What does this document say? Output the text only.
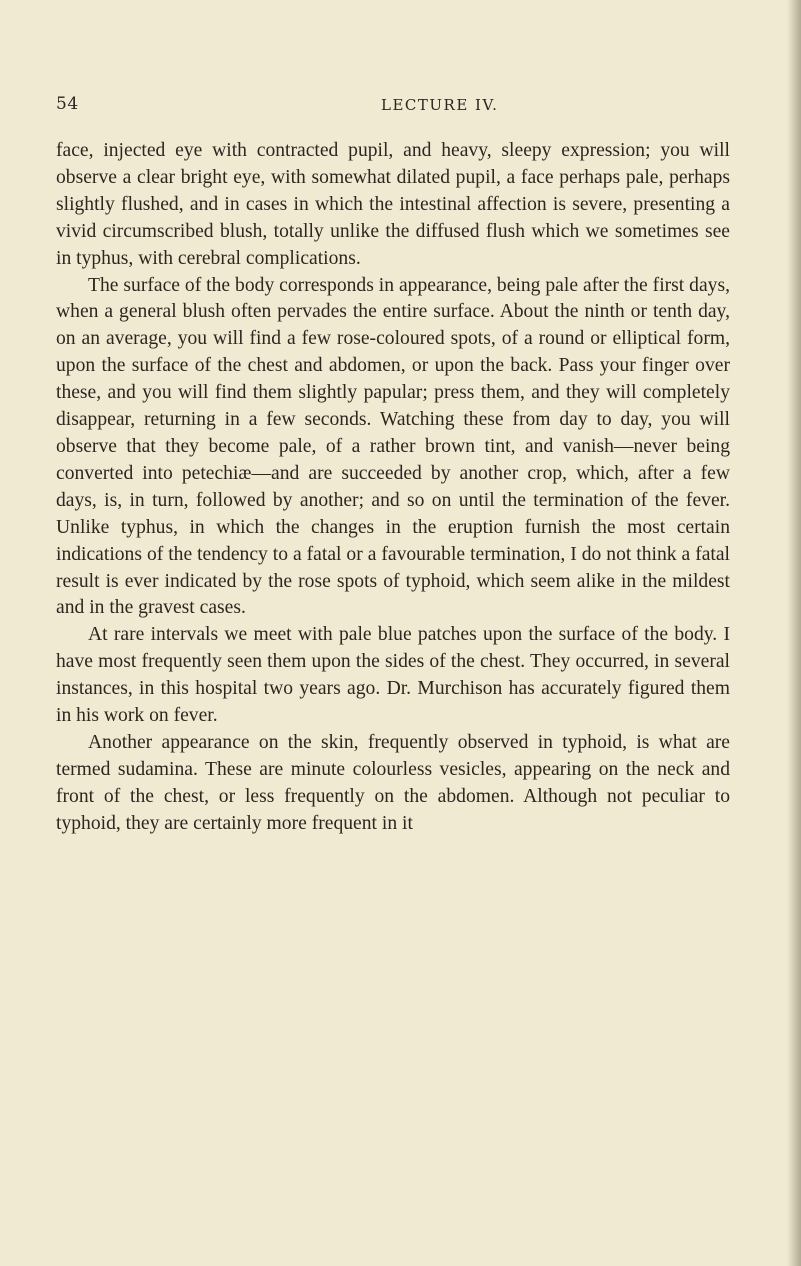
54	LECTURE IV.

face, injected eye with contracted pupil, and heavy, sleepy expression; you will observe a clear bright eye, with somewhat dilated pupil, a face perhaps pale, perhaps slightly flushed, and in cases in which the intestinal affection is severe, presenting a vivid circumscribed blush, totally unlike the diffused flush which we sometimes see in typhus, with cerebral complications.

The surface of the body corresponds in appearance, being pale after the first days, when a general blush often pervades the entire surface. About the ninth or tenth day, on an average, you will find a few rose-coloured spots, of a round or elliptical form, upon the surface of the chest and abdomen, or upon the back. Pass your finger over these, and you will find them slightly papular; press them, and they will completely disappear, returning in a few seconds. Watching these from day to day, you will observe that they become pale, of a rather brown tint, and vanish—never being converted into petechiæ—and are succeeded by another crop, which, after a few days, is, in turn, followed by another; and so on until the termination of the fever. Unlike typhus, in which the changes in the eruption furnish the most certain indications of the tendency to a fatal or a favourable termination, I do not think a fatal result is ever indicated by the rose spots of typhoid, which seem alike in the mildest and in the gravest cases.

At rare intervals we meet with pale blue patches upon the surface of the body. I have most frequently seen them upon the sides of the chest. They occurred, in several instances, in this hospital two years ago. Dr. Murchison has accurately figured them in his work on fever.

Another appearance on the skin, frequently observed in typhoid, is what are termed sudamina. These are minute colourless vesicles, appearing on the neck and front of the chest, or less frequently on the abdomen. Although not peculiar to typhoid, they are certainly more frequent in it
